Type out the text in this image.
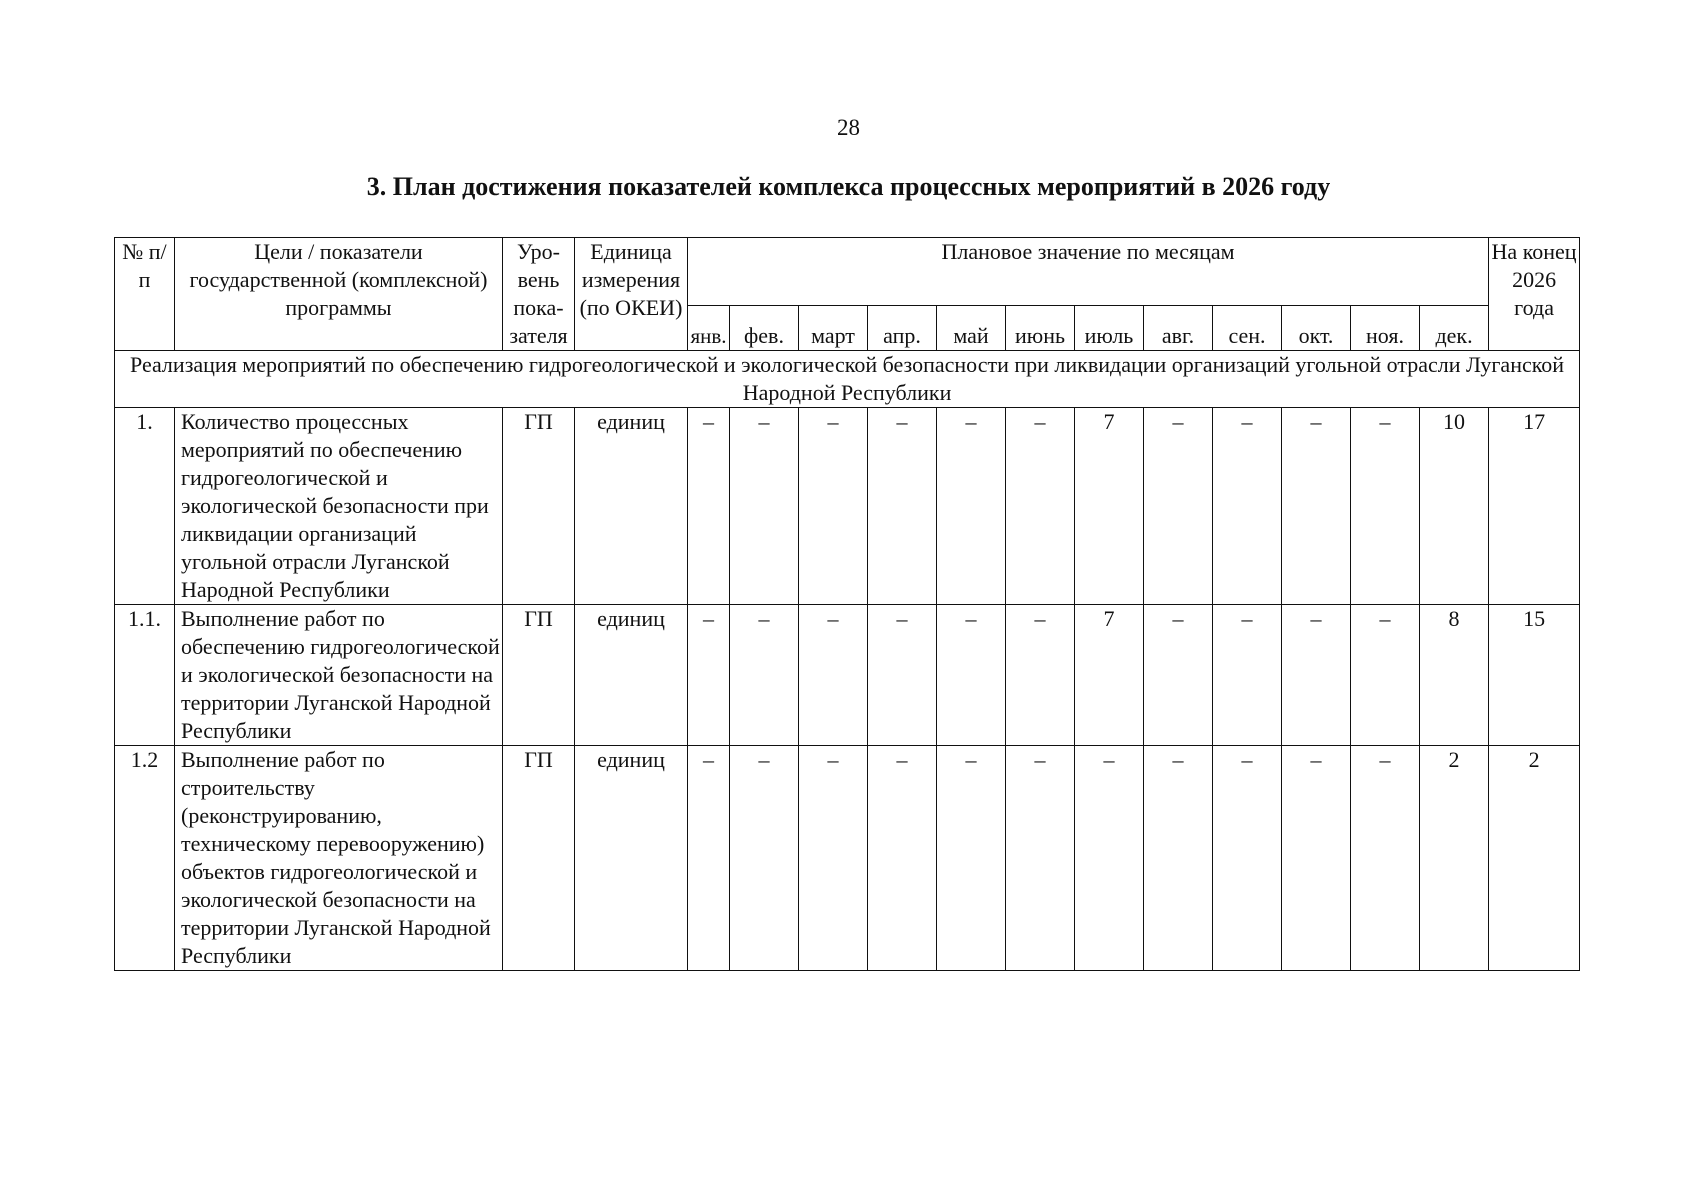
28
3. План достижения показателей комплекса процессных мероприятий в 2026 году
№ п/п	Цели / показатели государственной (комплексной) программы	Уро-вень пока-зателя	Единица измерения (по ОКЕИ)	Плановое значение по месяцам												На конец 2026 года
				янв.	фев.	март	апр.	май	июнь	июль	авг.	сен.	окт.	ноя.	дек.	
Реализация мероприятий по обеспечению гидрогеологической и экологической безопасности при ликвидации организаций угольной отрасли Луганской Народной Республики																
1.	Количество процессных мероприятий по обеспечению гидрогеологической и экологической безопасности при ликвидации организаций угольной отрасли Луганской Народной Республики	ГП	единиц	–	–	–	–	–	–	7	–	–	–	–	10	17
1.1.	Выполнение работ по обеспечению гидрогеологической и экологической безопасности на территории Луганской Народной Республики	ГП	единиц	–	–	–	–	–	–	7	–	–	–	–	8	15
1.2	Выполнение работ по строительству (реконструированию, техническому перевооружению) объектов гидрогеологической и экологической безопасности на территории Луганской Народной Республики	ГП	единиц	–	–	–	–	–	–	–	–	–	–	–	2	2
